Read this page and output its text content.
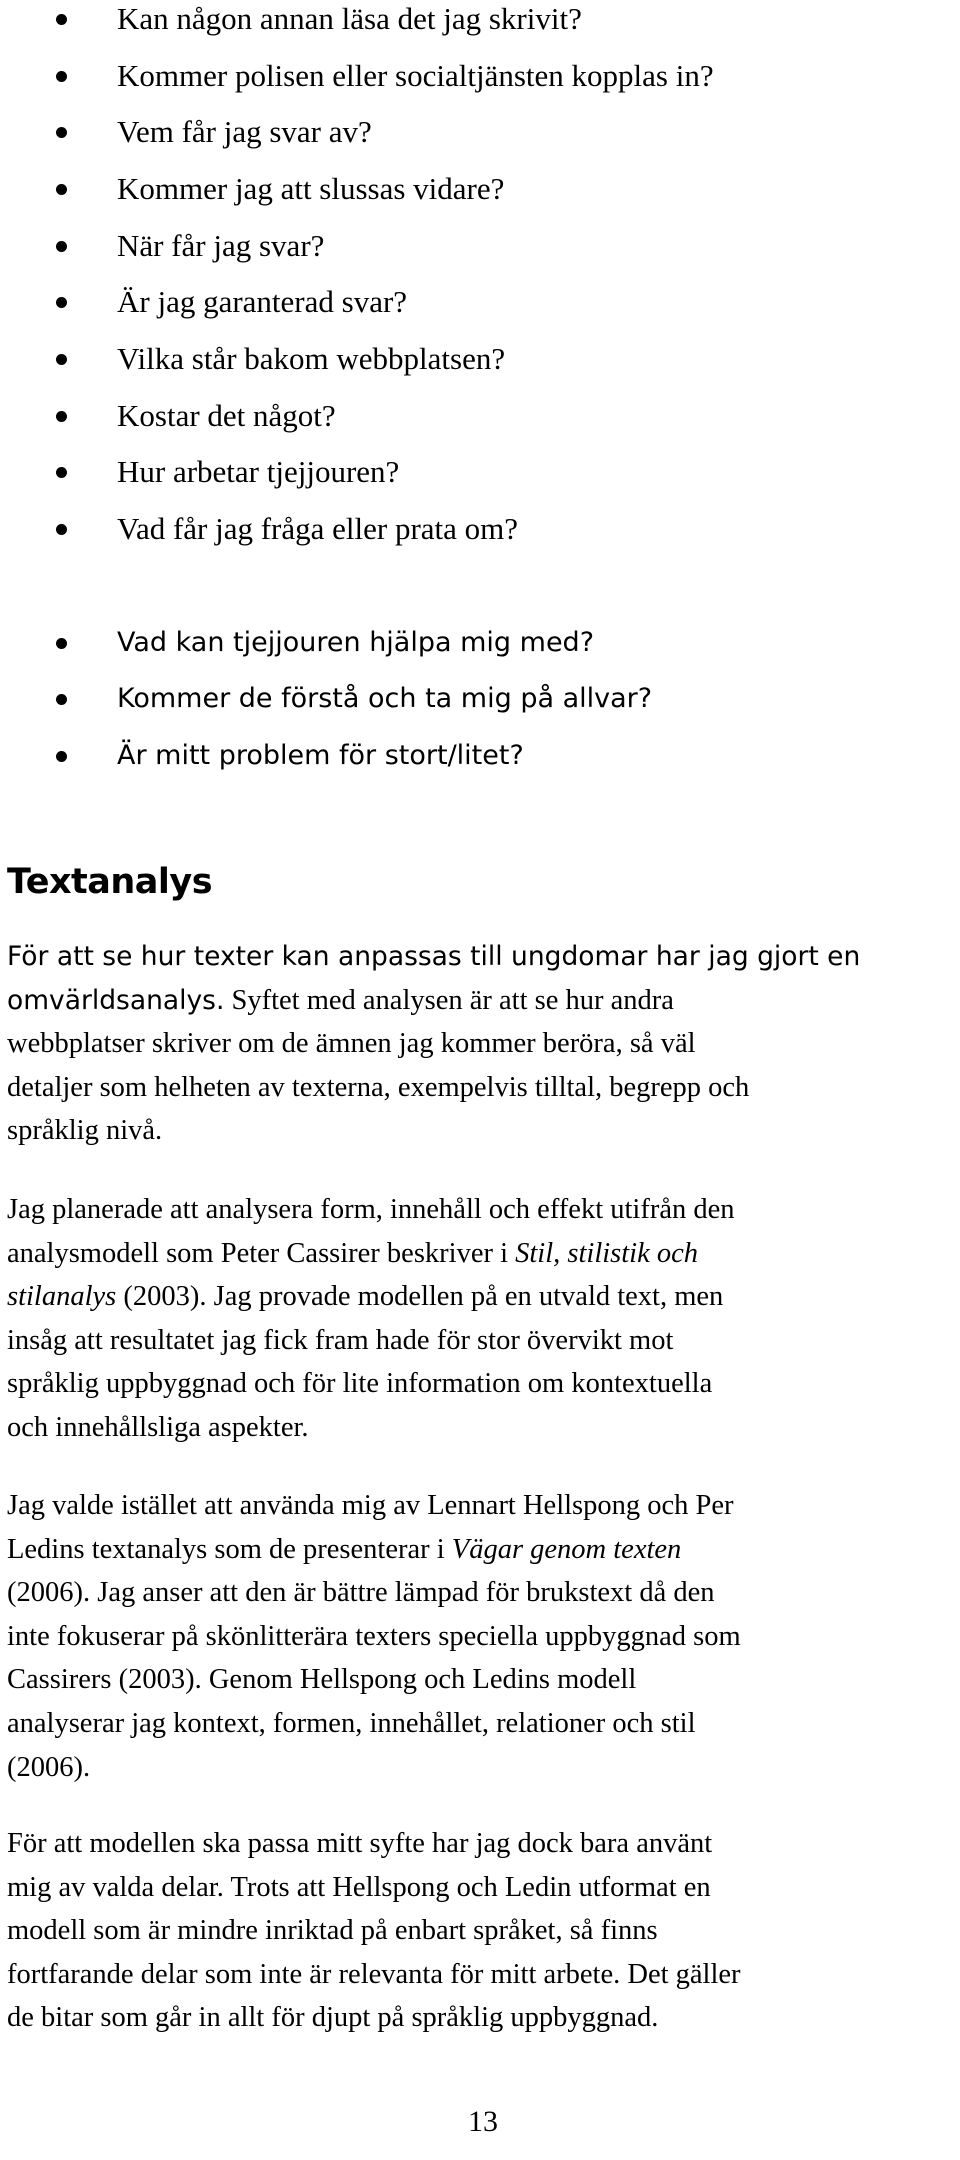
Kan någon annan läsa det jag skrivit?
Kommer polisen eller socialtjänsten kopplas in?
Vem får jag svar av?
Kommer jag att slussas vidare?
När får jag svar?
Är jag garanterad svar?
Vilka står bakom webbplatsen?
Kostar det något?
Hur arbetar tjejjouren?
Vad får jag fråga eller prata om?
Vad kan tjejjouren hjälpa mig med?
Kommer de förstå och ta mig på allvar?
Är mitt problem för stort/litet?
Textanalys
För att se hur texter kan anpassas till ungdomar har jag gjort en
omvärldsanalys. Syftet med analysen är att se hur andra
webbplatser skriver om de ämnen jag kommer beröra, så väl
detaljer som helheten av texterna, exempelvis tilltal, begrepp och
språklig nivå.
Jag planerade att analysera form, innehåll och effekt utifrån den
analysmodell som Peter Cassirer beskriver i Stil, stilistik och
stilanalys (2003). Jag provade modellen på en utvald text, men
insåg att resultatet jag fick fram hade för stor övervikt mot
språklig uppbyggnad och för lite information om kontextuella
och innehållsliga aspekter.
Jag valde istället att använda mig av Lennart Hellspong och Per
Ledins textanalys som de presenterar i Vägar genom texten
(2006). Jag anser att den är bättre lämpad för brukstext då den
inte fokuserar på skönlitterära texters speciella uppbyggnad som
Cassirers (2003). Genom Hellspong och Ledins modell
analyserar jag kontext, formen, innehållet, relationer och stil
(2006).
För att modellen ska passa mitt syfte har jag dock bara använt
mig av valda delar. Trots att Hellspong och Ledin utformat en
modell som är mindre inriktad på enbart språket, så finns
fortfarande delar som inte är relevanta för mitt arbete. Det gäller
de bitar som går in allt för djupt på språklig uppbyggnad.
13
